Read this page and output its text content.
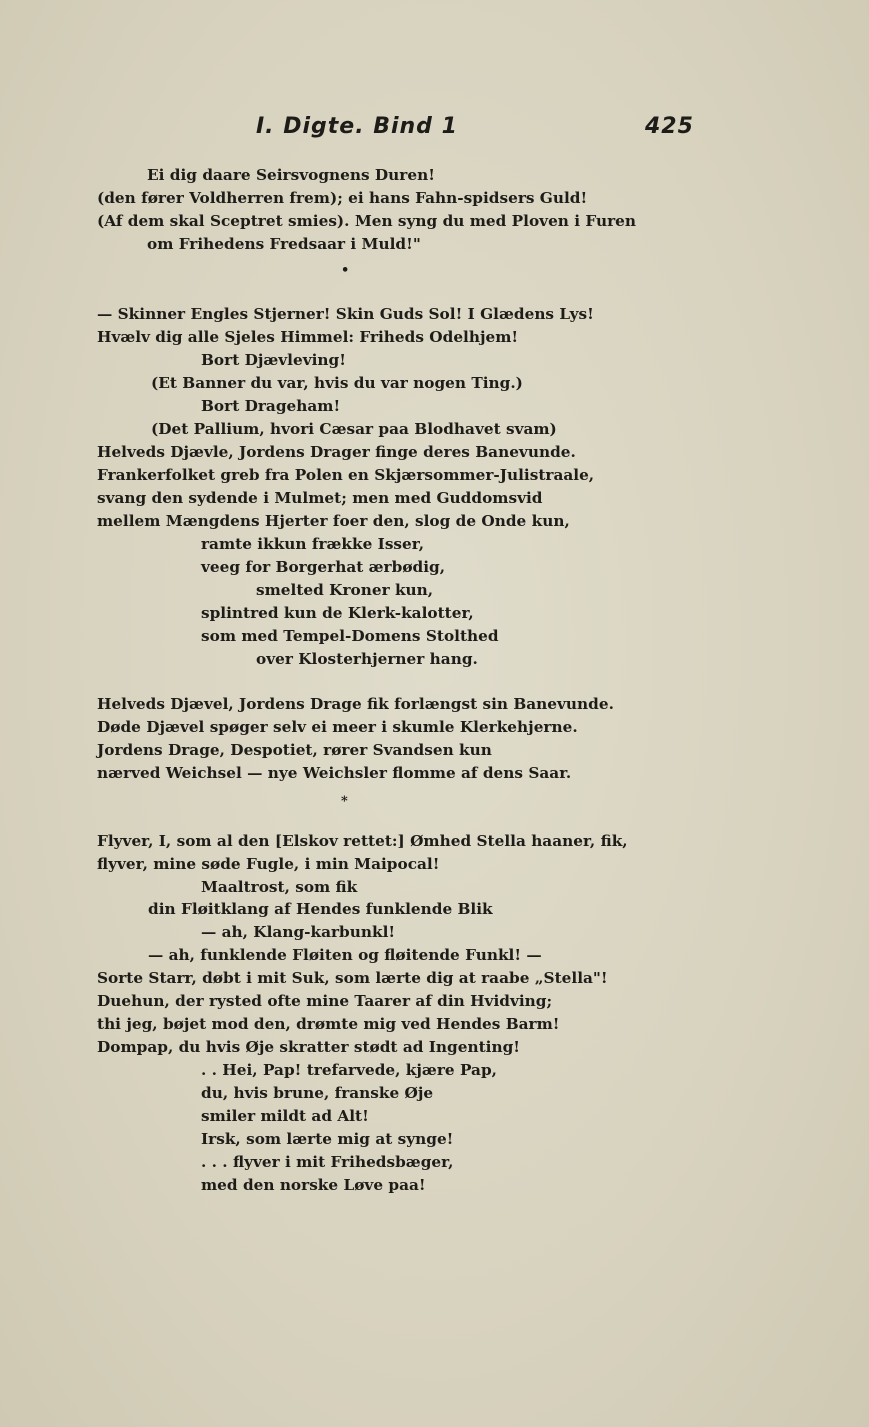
I. Digte. Bind 1	425
Ei dig daare Seirsvognens Duren!
(den fører Voldherren frem); ei hans Fahn-spidsers Guld!
(Af dem skal Sceptret smies). Men syng du med Ploven i Furen
om Frihedens Fredsaar i Muld!"
•
— Skinner Engles Stjerner! Skin Guds Sol! I Glædens Lys!
Hvælv dig alle Sjeles Himmel: Friheds Odelhjem!
Bort Djævleving!
(Et Banner du var, hvis du var nogen Ting.)
Bort Drageham!
(Det Pallium, hvori Cæsar paa Blodhavet svam)
Helveds Djævle, Jordens Drager finge deres Banevunde.
Frankerfolket greb fra Polen en Skjærsommer-Julistraale,
svang den sydende i Mulmet; men med Guddomsvid
mellem Mængdens Hjerter foer den, slog de Onde kun,
ramte ikkun frække Isser,
veeg for Borgerhat ærbødig,
smelted Kroner kun,
splintred kun de Klerk-kalotter,
som med Tempel-Domens Stolthed
over Klosterhjerner hang.
Helveds Djævel, Jordens Drage fik forlængst sin Banevunde.
Døde Djævel spøger selv ei meer i skumle Klerkehjerne.
Jordens Drage, Despotiet, rører Svandsen kun
nærved Weichsel — nye Weichsler flomme af dens Saar.
*
Flyver, I, som al den [Elskov rettet:] Ømhed Stella haaner, fik,
flyver, mine søde Fugle, i min Maipocal!
Maaltrost, som fik
din Fløitklang af Hendes funklende Blik
— ah, Klang-karbunkl!
— ah, funklende Fløiten og fløitende Funkl! —
Sorte Starr, døbt i mit Suk, som lærte dig at raabe „Stella"!
Duehun, der rysted ofte mine Taarer af din Hvidving;
thi jeg, bøjet mod den, drømte mig ved Hendes Barm!
Dompap, du hvis Øje skratter stødt ad Ingenting!
. . Hei, Pap! trefarvede, kjære Pap,
du, hvis brune, franske Øje
smiler mildt ad Alt!
Irsk, som lærte mig at synge!
. . . flyver i mit Frihedsbæger,
med den norske Løve paa!
